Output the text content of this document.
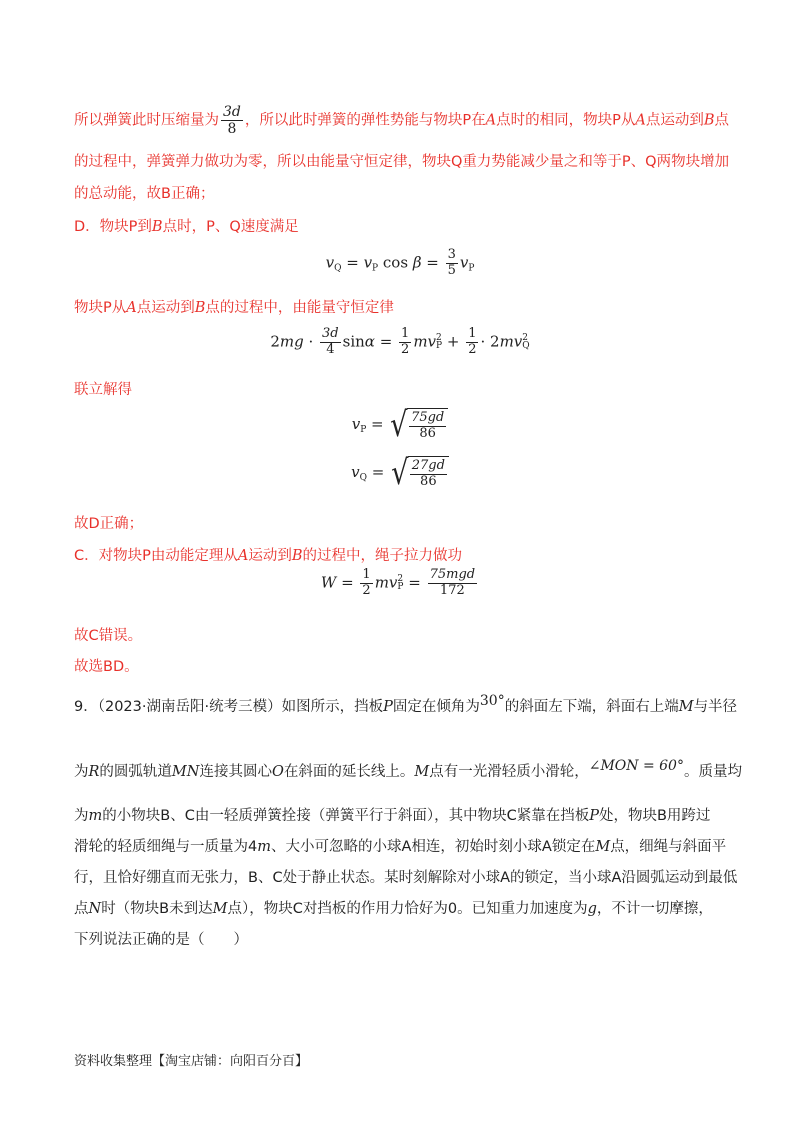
所以弹簧此时压缩量为 $\frac{3d}{8}$ ，所以此时弹簧的弹性势能与物块P在A点时的相同，物块P从A点运动到B点
的过程中，弹簧弹力做功为零，所以由能量守恒定律，物块Q重力势能减少量之和等于P、Q两物块增加
的总动能，故B正确；
D．物块P到B点时，P、Q速度满足
$v_Q = v_P$ $\cos \beta = \frac{3}{5} v_P$
物块P从A点运动到B点的过程中，由能量守恒定律
$2mg \cdot \frac{3d}{4}$ $\sin\alpha = \frac{1}{2}$ mv 2
$P + \frac{1}{2} \cdot 2mv$ 2
Q
联立解得
$v_P$ = √ $\frac{75gd}{86}$
$v_Q$ = √ $\frac{27gd}{86}$
故D正确；
C．对物块P由动能定理从A运动到B的过程中，绳子拉力做功
$W = \frac{1}{2}$ mv 2
$P = \frac{\text{75mgd}}{172}$
故C错误。
故选BD。
9．（2023·湖南岳阳·统考三模）如图所示，挡板P固定在倾角为30°的斜面左下端，斜面右上端M与半径
为R的圆弧轨道MN连接其圆心O在斜面的延长线上。M点有一光滑轻质小滑轮，∠MON = 60°。质量均
为m的小物块B、C由一轻质弹簧拴接（弹簧平行于斜面），其中物块C紧靠在挡板P处，物块B用跨过
滑轮的轻质细绳与一质量为4m、大小可忽略的小球A相连，初始时刻小球A锁定在M点，细绳与斜面平
行，且恰好绷直而无张力，B、C处于静止状态。某时刻解除对小球A的锁定，当小球A沿圆弧运动到最低
点N时（物块B未到达M点），物块C对挡板的作用力恰好为0。已知重力加速度为g，不计一切摩擦，
下列说法正确的是（　　）
资料收集整理【淘宝店铺：向阳百分百】
